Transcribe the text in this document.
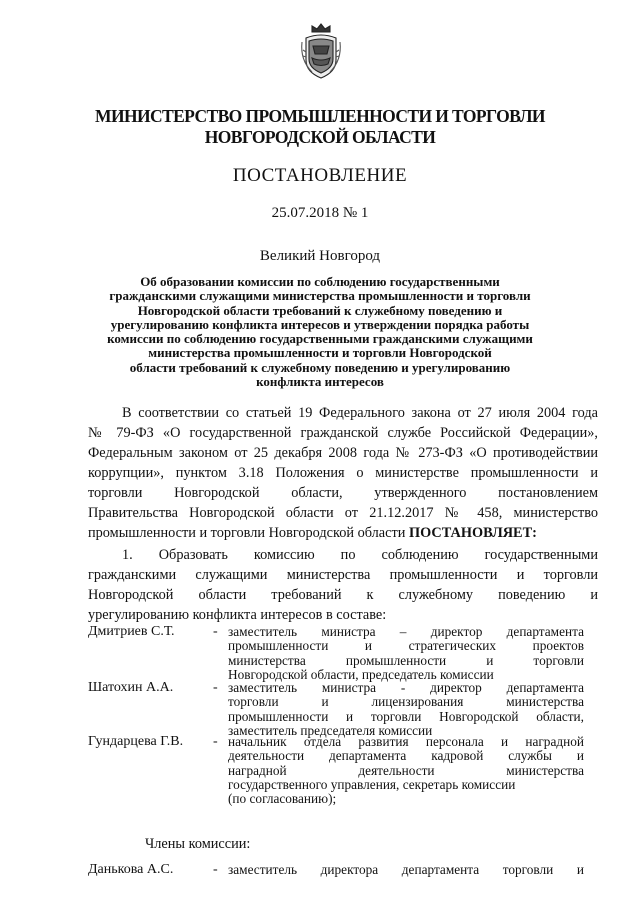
МИНИСТЕРСТВО ПРОМЫШЛЕННОСТИ И ТОРГОВЛИ
НОВГОРОДСКОЙ ОБЛАСТИ
ПОСТАНОВЛЕНИЕ
25.07.2018 № 1
Великий Новгород
Об образовании комиссии по соблюдению государственными
гражданскими служащими министерства промышленности и торговли
Новгородской области требований к служебному поведению и
урегулированию конфликта интересов и утверждении порядка работы
комиссии по соблюдению государственными гражданскими служащими
министерства промышленности и торговли Новгородской
области требований к служебному поведению и урегулированию
конфликта интересов
В соответствии со статьей 19 Федерального закона от 27 июля 2004 года
№ 79-ФЗ «О государственной гражданской службе Российской Федерации»,
Федеральным законом от 25 декабря 2008 года № 273-ФЗ «О противодействии
коррупции», пунктом 3.18 Положения о министерстве промышленности и
торговли Новгородской области, утвержденного постановлением
Правительства Новгородской области от 21.12.2017 № 458, министерство
промышленности и торговли Новгородской области ПОСТАНОВЛЯЕТ:
1. Образовать комиссию по соблюдению государственными
гражданскими служащими министерства промышленности и торговли
Новгородской области требований к служебному поведению и
урегулированию конфликта интересов в составе:
Дмитриев С.Т.	- заместитель министра – директор департамента
промышленности и стратегических проектов
министерства промышленности и торговли
Новгородской области, председатель комиссии
Шатохин А.А.	- заместитель министра - директор департамента
торговли и лицензирования министерства
промышленности и торговли Новгородской области,
заместитель председателя комиссии
Гундарцева Г.В. - начальник отдела развития персонала и наградной
деятельности департамента кадровой службы и
наградной деятельности министерства
государственного управления, секретарь комиссии
(по согласованию);
Данькова А.С.	- заместитель директора департамента торговли и
Члены комиссии:
